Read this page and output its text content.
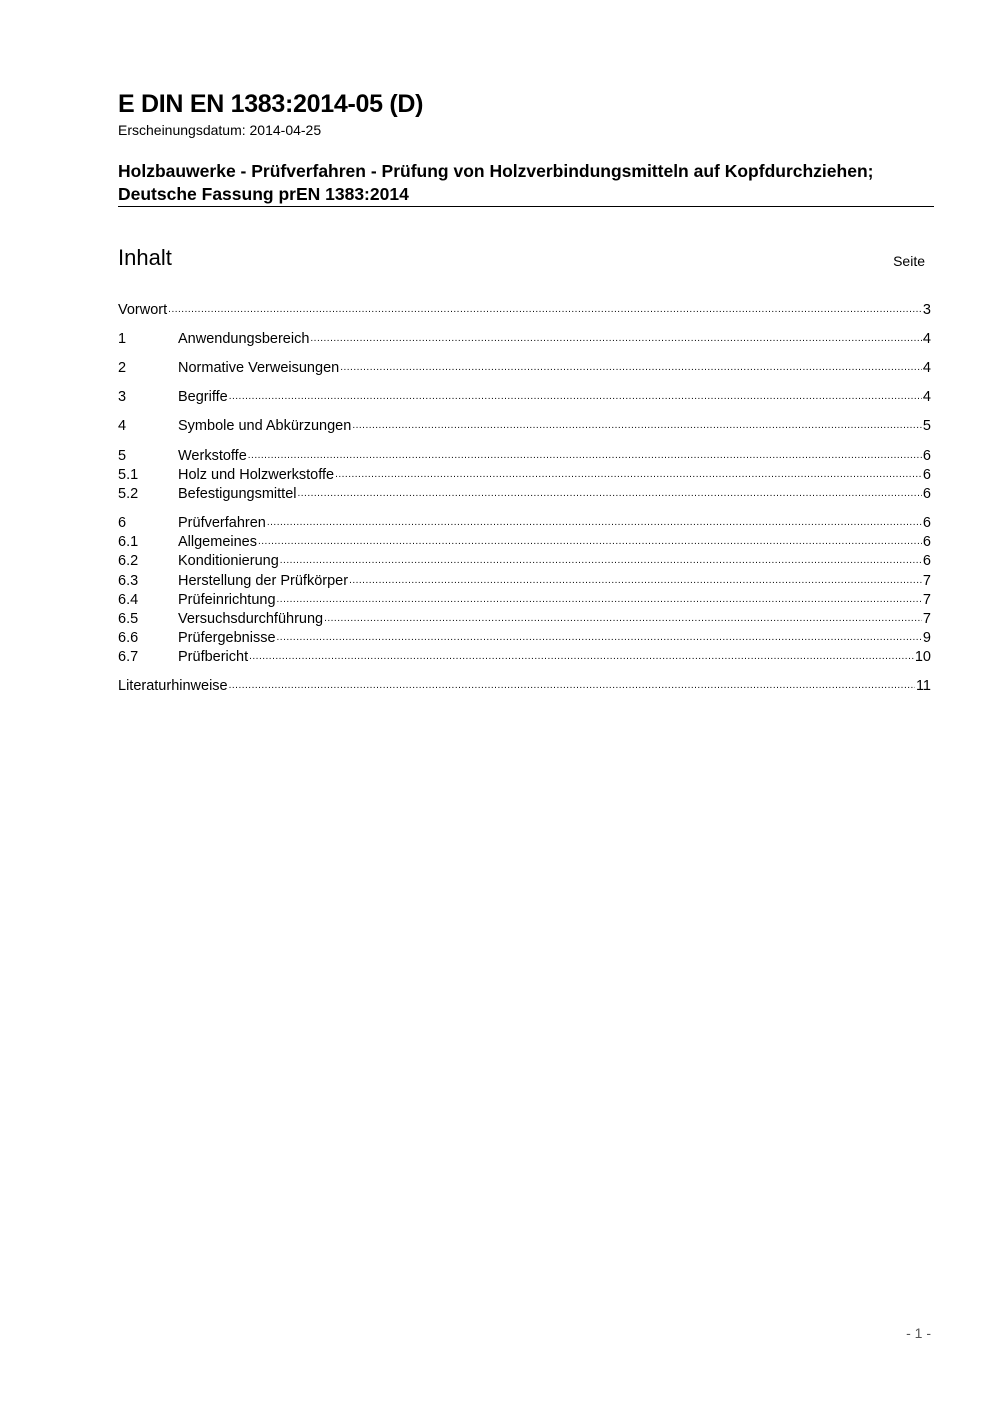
E DIN EN 1383:2014-05 (D)
Erscheinungsdatum: 2014-04-25
Holzbauwerke - Prüfverfahren - Prüfung von Holzverbindungsmitteln auf Kopfdurchziehen; Deutsche Fassung prEN 1383:2014
Inhalt	Seite
Vorwort .....	3
1	Anwendungsbereich .....	4
2	Normative Verweisungen .....	4
3	Begriffe .....	4
4	Symbole und Abkürzungen .....	5
5	Werkstoffe .....	6
5.1	Holz und Holzwerkstoffe .....	6
5.2	Befestigungsmittel .....	6
6	Prüfverfahren .....	6
6.1	Allgemeines .....	6
6.2	Konditionierung .....	6
6.3	Herstellung der Prüfkörper .....	7
6.4	Prüfeinrichtung .....	7
6.5	Versuchsdurchführung .....	7
6.6	Prüfergebnisse .....	9
6.7	Prüfbericht .....	10
Literaturhinweise .....	11
- 1 -
